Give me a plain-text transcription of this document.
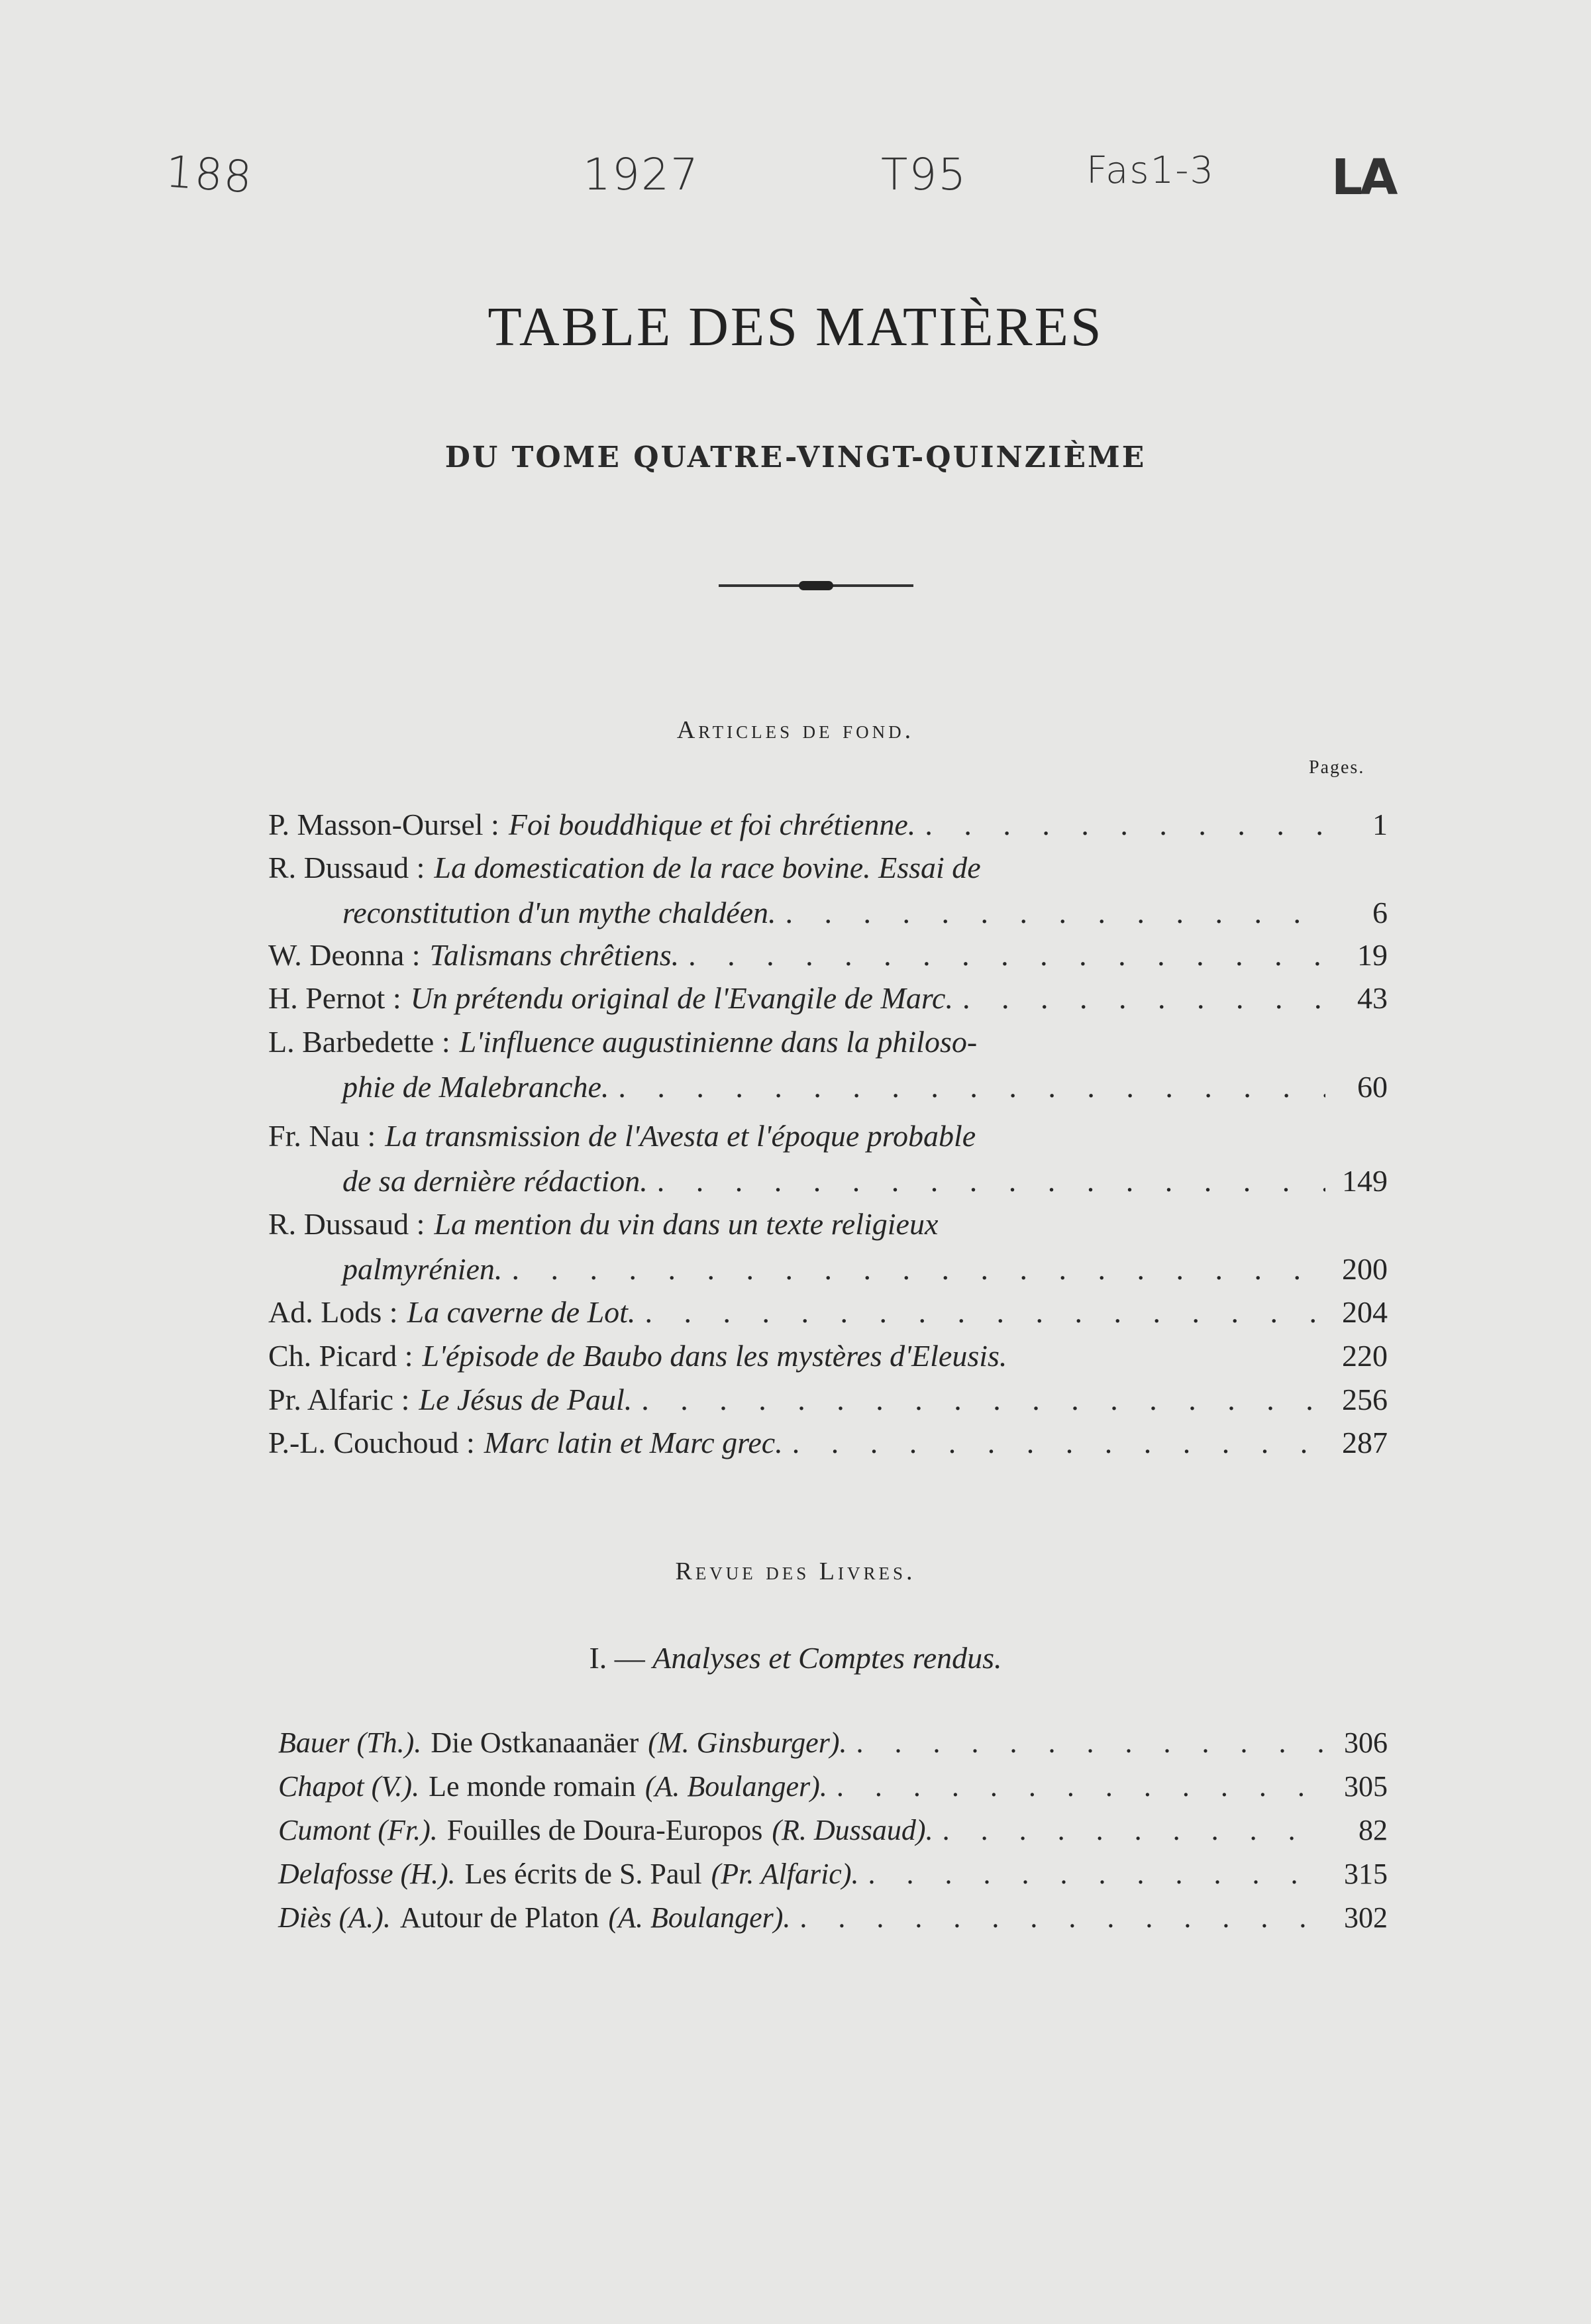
188	1927	T95	Fas1-3 LA
TABLE DES MATIÈRES
DU TOME QUATRE-VINGT-QUINZIÈME
Articles de fond.
Pages.
P. Masson-Oursel : Foi bouddhique et foi chrétienne. . . .	1
R. Dussaud : La domestication de la race bovine. Essai de
reconstitution d'un mythe chaldéen. . . .	6
W. Deonna : Talismans chrêtiens. . . .	19
H. Pernot : Un prétendu original de l'Evangile de Marc. . . .	43
L. Barbedette : L'influence augustinienne dans la philoso-
phie de Malebranche. . . .	60
Fr. Nau : La transmission de l'Avesta et l'époque probable
de sa dernière rédaction. . . .	149
R. Dussaud : La mention du vin dans un texte religieux
palmyrénien. . . .	200
Ad. Lods : La caverne de Lot. . . .	204
Ch. Picard : L'épisode de Baubo dans les mystères d'Eleusis.	220
Pr. Alfaric : Le Jésus de Paul. . . .	256
P.-L. Couchoud : Marc latin et Marc grec. . . .	287
Revue des Livres.
I. — Analyses et Comptes rendus.
Bauer (Th.). Die Ostkanaanäer (M. Ginsburger). . . .	306
Chapot (V.). Le monde romain (A. Boulanger). . . .	305
Cumont (Fr.). Fouilles de Doura-Europos (R. Dussaud). . . .	82
Delafosse (H.). Les écrits de S. Paul (Pr. Alfaric). . . .	315
Diès (A.). Autour de Platon (A. Boulanger). . . .	302
